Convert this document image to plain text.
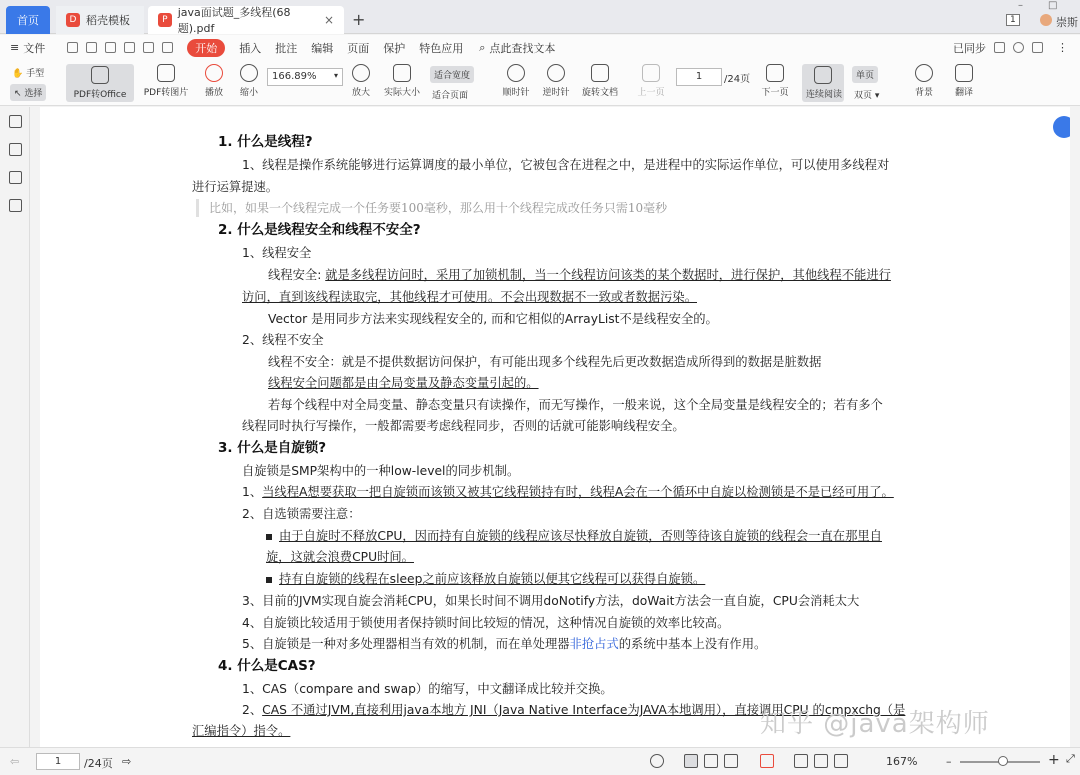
首页	D 稻壳模板	P
java面试题_多线程(68题).pdf
× +
–	□
1	崇斯
≡ 文件	开始	插入 批注 编辑 页面 保护 特色应用 ⌕ 点此查找文本	已同步	⋮
✋ 手型
↖ 选择	PDF转Office	PDF转图片 播放 缩小
166.89% ▾
放大 实际大小
适合宽度
适合页面	顺时针 逆时针 旋转文档 上一页
1	/24页
下一页	连续阅读
单页
双页 ▾	背景	翻译
1. 什么是线程?
1、线程是操作系统能够进行运算调度的最小单位，它被包含在进程之中，是进程中的实际运作单位，可以使用多线程对
进行运算提速。
比如，如果一个线程完成一个任务要100毫秒，那么用十个线程完成改任务只需10毫秒
2. 什么是线程安全和线程不安全?
1、线程安全
线程安全: 就是多线程访问时，采用了加锁机制，当一个线程访问该类的某个数据时，进行保护，其他线程不能进行
访问，直到该线程读取完，其他线程才可使用。不会出现数据不一致或者数据污染。
Vector 是用同步方法来实现线程安全的, 而和它相似的ArrayList不是线程安全的。
2、线程不安全
线程不安全：就是不提供数据访问保护，有可能出现多个线程先后更改数据造成所得到的数据是脏数据
线程安全问题都是由全局变量及静态变量引起的。
若每个线程中对全局变量、静态变量只有读操作，而无写操作，一般来说，这个全局变量是线程安全的；若有多个
线程同时执行写操作，一般都需要考虑线程同步，否则的话就可能影响线程安全。
3. 什么是自旋锁?
自旋锁是SMP架构中的一种low-level的同步机制。
1、当线程A想要获取一把自旋锁而该锁又被其它线程锁持有时，线程A会在一个循环中自旋以检测锁是不是已经可用了。
2、自选锁需要注意：
由于自旋时不释放CPU，因而持有自旋锁的线程应该尽快释放自旋锁，否则等待该自旋锁的线程会一直在那里自
旋，这就会浪费CPU时间。
持有自旋锁的线程在sleep之前应该释放自旋锁以便其它线程可以获得自旋锁。
3、目前的JVM实现自旋会消耗CPU，如果长时间不调用doNotify方法，doWait方法会一直自旋，CPU会消耗太大
4、自旋锁比较适用于锁使用者保持锁时间比较短的情况，这种情况自旋锁的效率比较高。
5、自旋锁是一种对多处理器相当有效的机制，而在单处理器非抢占式的系统中基本上没有作用。
4. 什么是CAS?
1、CAS（compare and swap）的缩写，中文翻译成比较并交换。
2、CAS 不通过JVM,直接利用java本地方 JNI（Java Native Interface为JAVA本地调用），直接调用CPU 的cmpxchg（是
汇编指令）指令。	知乎 @java架构师
⇦	1	/24页 ⇨	167%	–	+ ⤢
